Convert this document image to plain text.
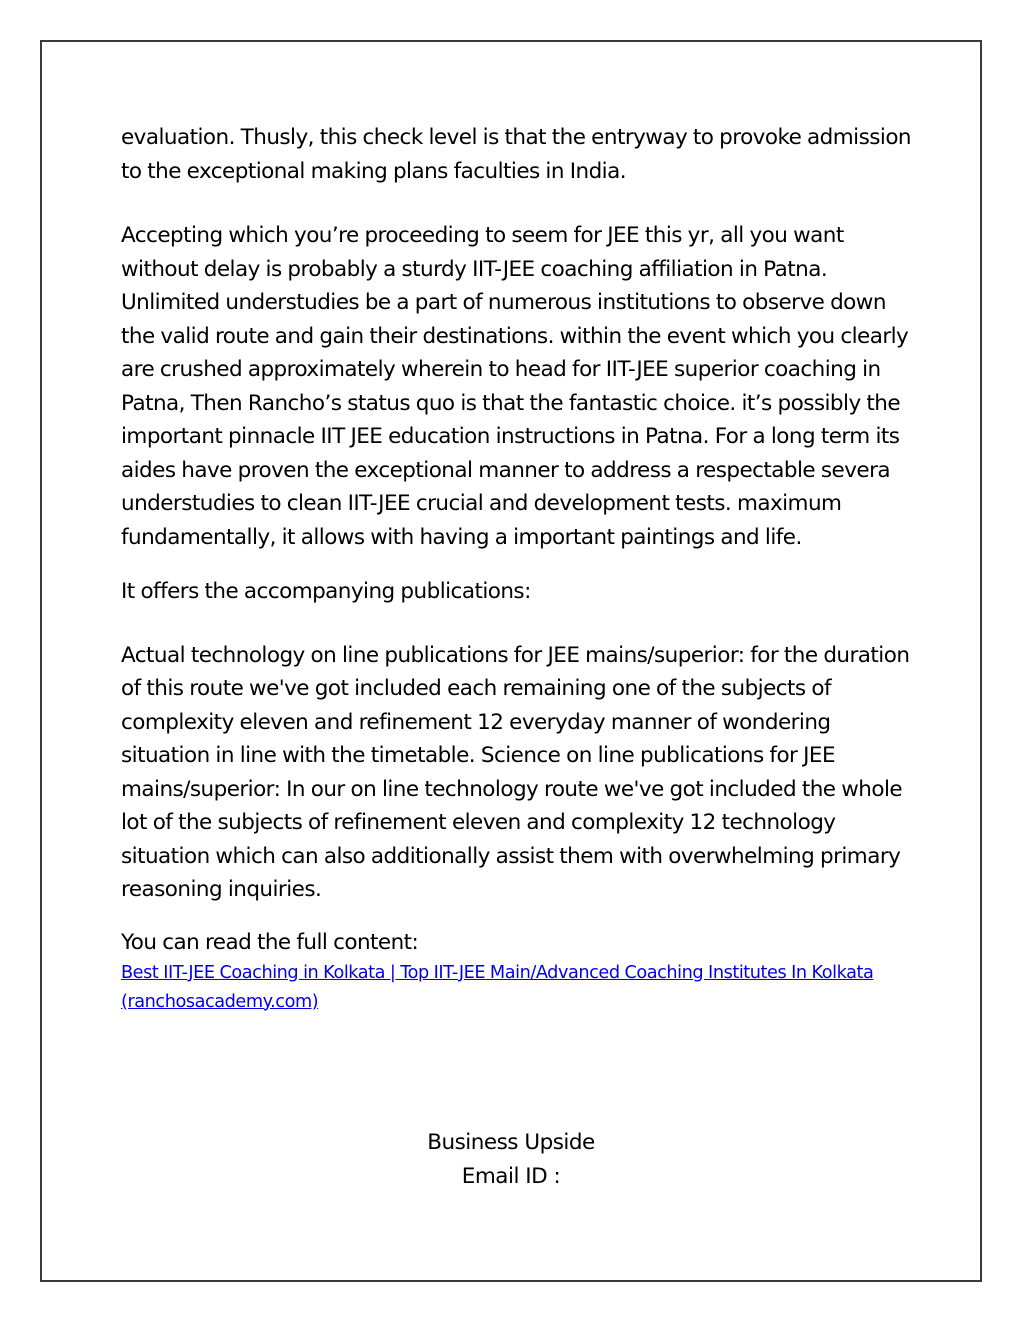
evaluation. Thusly, this check level is that the entryway to provoke admission to the exceptional making plans faculties in India.

Accepting which you’re proceeding to seem for JEE this yr, all you want without delay is probably a sturdy IIT-JEE coaching affiliation in Patna. Unlimited understudies be a part of numerous institutions to observe down the valid route and gain their destinations. within the event which you clearly are crushed approximately wherein to head for IIT-JEE superior coaching in Patna, Then Rancho’s status quo is that the fantastic choice. it’s possibly the important pinnacle IIT JEE education instructions in Patna. For a long term its aides have proven the exceptional manner to address a respectable severa understudies to clean IIT-JEE crucial and development tests. maximum fundamentally, it allows with having a important paintings and life.

It offers the accompanying publications:

Actual technology on line publications for JEE mains/superior: for the duration of this route we've got included each remaining one of the subjects of complexity eleven and refinement 12 everyday manner of wondering situation in line with the timetable. Science on line publications for JEE mains/superior: In our on line technology route we've got included the whole lot of the subjects of refinement eleven and complexity 12 technology situation which can also additionally assist them with overwhelming primary reasoning inquiries.

You can read the full content:

Best IIT-JEE Coaching in Kolkata | Top IIT-JEE Main/Advanced Coaching Institutes In Kolkata (ranchosacademy.com)
Business Upside
Email ID :
